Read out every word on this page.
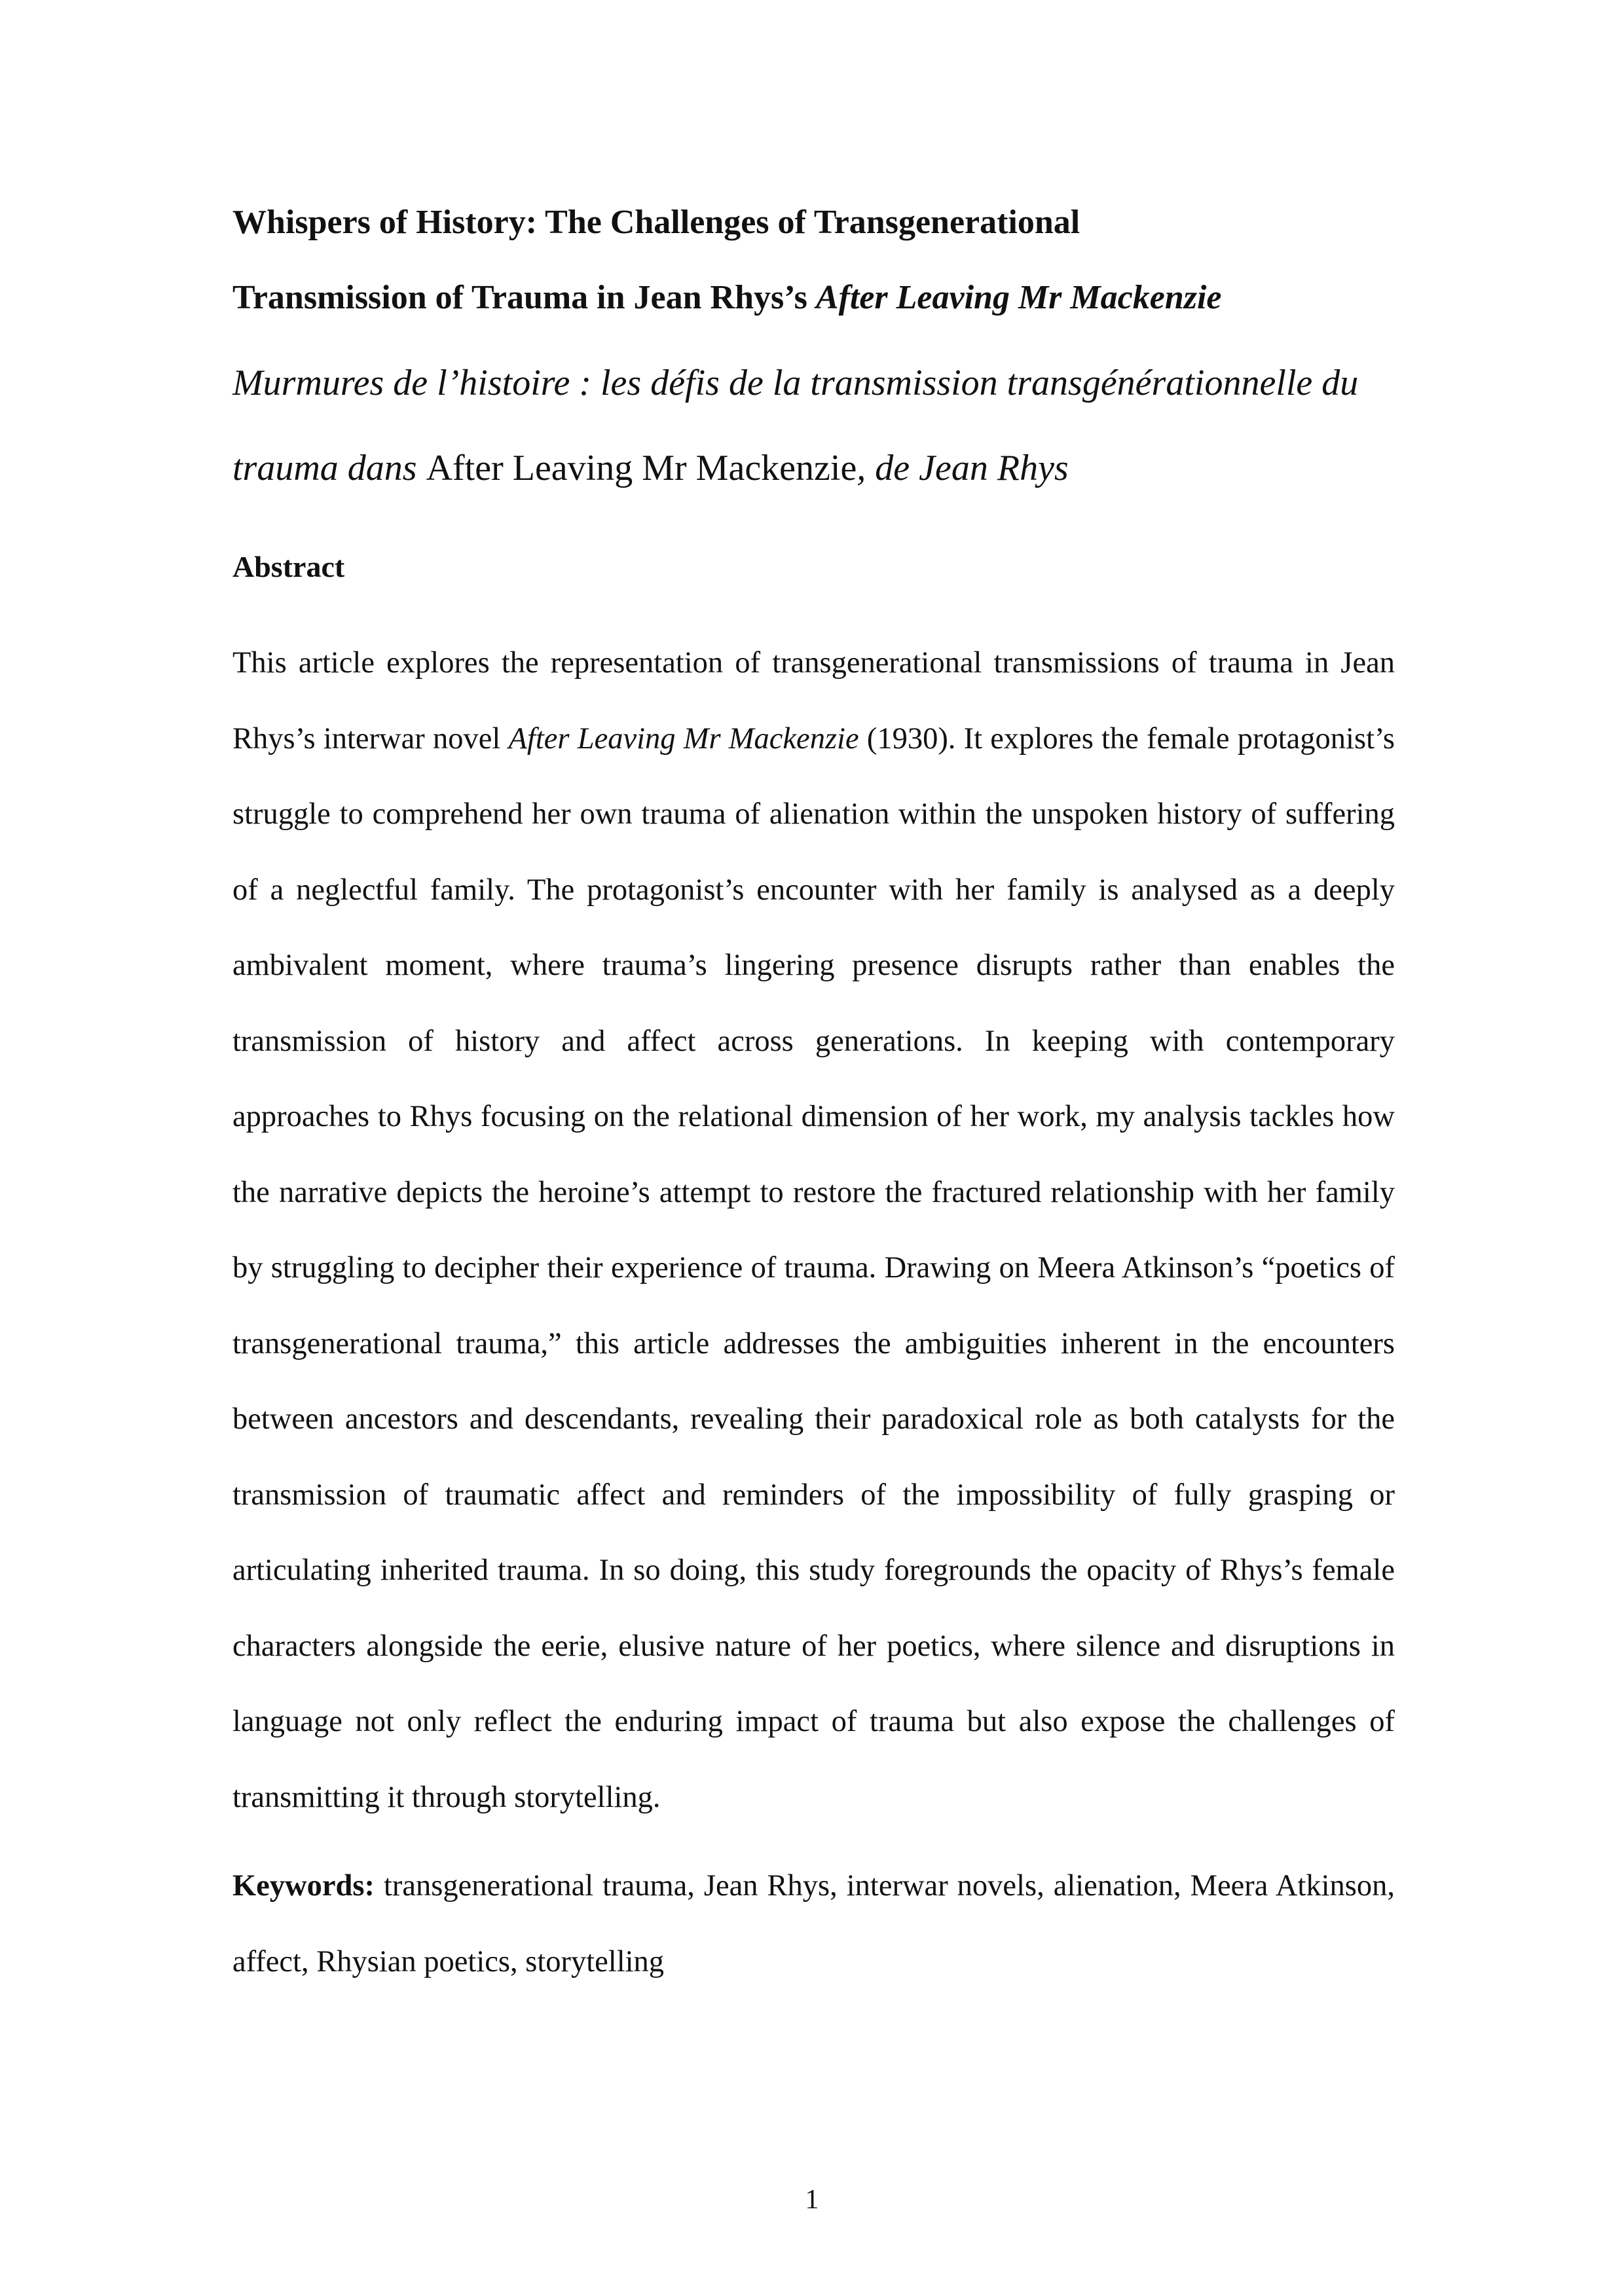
Whispers of History: The Challenges of Transgenerational
Transmission of Trauma in Jean Rhys’s After Leaving Mr Mackenzie

Murmures de l’histoire : les défis de la transmission transgénérationnelle du trauma dans After Leaving Mr Mackenzie, de Jean Rhys

Abstract

This article explores the representation of transgenerational transmissions of trauma in Jean Rhys’s interwar novel After Leaving Mr Mackenzie (1930). It explores the female protagonist’s struggle to comprehend her own trauma of alienation within the unspoken history of suffering of a neglectful family. The protagonist’s encounter with her family is analysed as a deeply ambivalent moment, where trauma’s lingering presence disrupts rather than enables the transmission of history and affect across generations. In keeping with contemporary approaches to Rhys focusing on the relational dimension of her work, my analysis tackles how the narrative depicts the heroine’s attempt to restore the fractured relationship with her family by struggling to decipher their experience of trauma. Drawing on Meera Atkinson’s “poetics of transgenerational trauma,” this article addresses the ambiguities inherent in the encounters between ancestors and descendants, revealing their paradoxical role as both catalysts for the transmission of traumatic affect and reminders of the impossibility of fully grasping or articulating inherited trauma. In so doing, this study foregrounds the opacity of Rhys’s female characters alongside the eerie, elusive nature of her poetics, where silence and disruptions in language not only reflect the enduring impact of trauma but also expose the challenges of transmitting it through storytelling.

Keywords: transgenerational trauma, Jean Rhys, interwar novels, alienation, Meera Atkinson, affect, Rhysian poetics, storytelling

1
